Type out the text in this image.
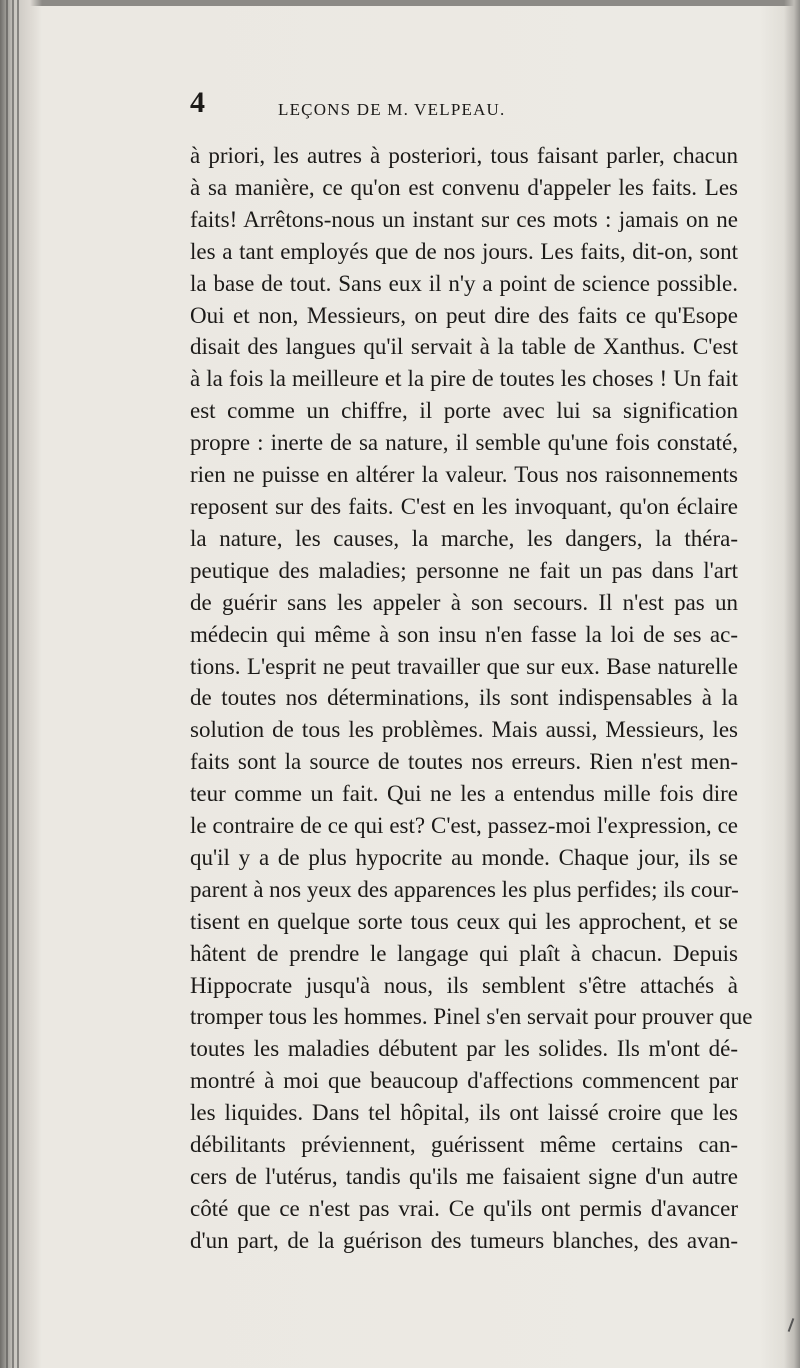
4	LEÇONS DE M. VELPEAU.
à priori, les autres à posteriori, tous faisant parler, chacun
à sa manière, ce qu'on est convenu d'appeler les faits. Les
faits! Arrêtons-nous un instant sur ces mots : jamais on ne
les a tant employés que de nos jours. Les faits, dit-on, sont
la base de tout. Sans eux il n'y a point de science possible.
Oui et non, Messieurs, on peut dire des faits ce qu'Esope
disait des langues qu'il servait à la table de Xanthus. C'est
à la fois la meilleure et la pire de toutes les choses ! Un fait
est comme un chiffre, il porte avec lui sa signification
propre : inerte de sa nature, il semble qu'une fois constaté,
rien ne puisse en altérer la valeur. Tous nos raisonnements
reposent sur des faits. C'est en les invoquant, qu'on éclaire
la nature, les causes, la marche, les dangers, la théra-
peutique des maladies; personne ne fait un pas dans l'art
de guérir sans les appeler à son secours. Il n'est pas un
médecin qui même à son insu n'en fasse la loi de ses ac-
tions. L'esprit ne peut travailler que sur eux. Base naturelle
de toutes nos déterminations, ils sont indispensables à la
solution de tous les problèmes. Mais aussi, Messieurs, les
faits sont la source de toutes nos erreurs. Rien n'est men-
teur comme un fait. Qui ne les a entendus mille fois dire
le contraire de ce qui est? C'est, passez-moi l'expression, ce
qu'il y a de plus hypocrite au monde. Chaque jour, ils se
parent à nos yeux des apparences les plus perfides; ils cour-
tisent en quelque sorte tous ceux qui les approchent, et se
hâtent de prendre le langage qui plaît à chacun. Depuis
Hippocrate jusqu'à nous, ils semblent s'être attachés à
tromper tous les hommes. Pinel s'en servait pour prouver que
toutes les maladies débutent par les solides. Ils m'ont dé-
montré à moi que beaucoup d'affections commencent par
les liquides. Dans tel hôpital, ils ont laissé croire que les
débilitants préviennent, guérissent même certains can-
cers de l'utérus, tandis qu'ils me faisaient signe d'un autre
côté que ce n'est pas vrai. Ce qu'ils ont permis d'avancer
d'un part, de la guérison des tumeurs blanches, des avan-
